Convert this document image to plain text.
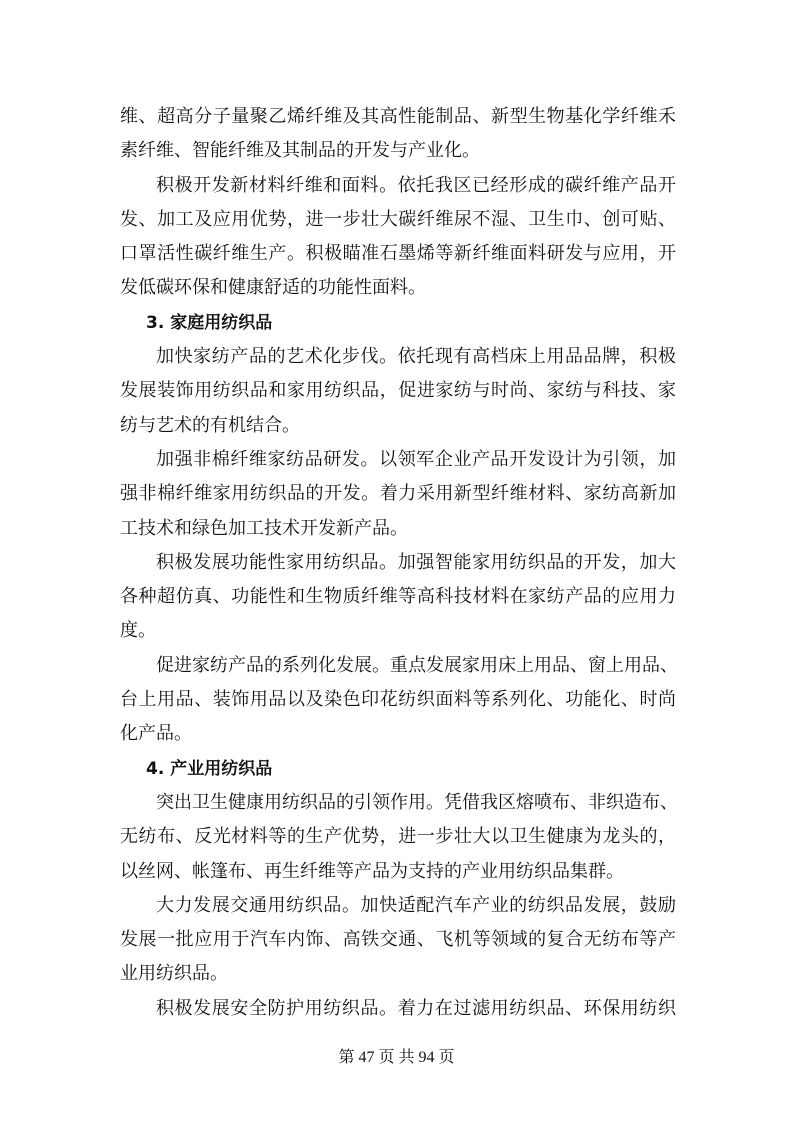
维、超高分子量聚乙烯纤维及其高性能制品、新型生物基化学纤维禾
素纤维、智能纤维及其制品的开发与产业化。
积极开发新材料纤维和面料。依托我区已经形成的碳纤维产品开
发、加工及应用优势，进一步壮大碳纤维尿不湿、卫生巾、创可贴、
口罩活性碳纤维生产。积极瞄准石墨烯等新纤维面料研发与应用，开
发低碳环保和健康舒适的功能性面料。
3. 家庭用纺织品
加快家纺产品的艺术化步伐。依托现有高档床上用品品牌，积极
发展装饰用纺织品和家用纺织品，促进家纺与时尚、家纺与科技、家
纺与艺术的有机结合。
加强非棉纤维家纺品研发。以领军企业产品开发设计为引领，加
强非棉纤维家用纺织品的开发。着力采用新型纤维材料、家纺高新加
工技术和绿色加工技术开发新产品。
积极发展功能性家用纺织品。加强智能家用纺织品的开发，加大
各种超仿真、功能性和生物质纤维等高科技材料在家纺产品的应用力
度。
促进家纺产品的系列化发展。重点发展家用床上用品、窗上用品、
台上用品、装饰用品以及染色印花纺织面料等系列化、功能化、时尚
化产品。
4. 产业用纺织品
突出卫生健康用纺织品的引领作用。凭借我区熔喷布、非织造布、
无纺布、反光材料等的生产优势，进一步壮大以卫生健康为龙头的，
以丝网、帐篷布、再生纤维等产品为支持的产业用纺织品集群。
大力发展交通用纺织品。加快适配汽车产业的纺织品发展，鼓励
发展一批应用于汽车内饰、高铁交通、飞机等领域的复合无纺布等产
业用纺织品。
积极发展安全防护用纺织品。着力在过滤用纺织品、环保用纺织
第 47 页 共 94 页
